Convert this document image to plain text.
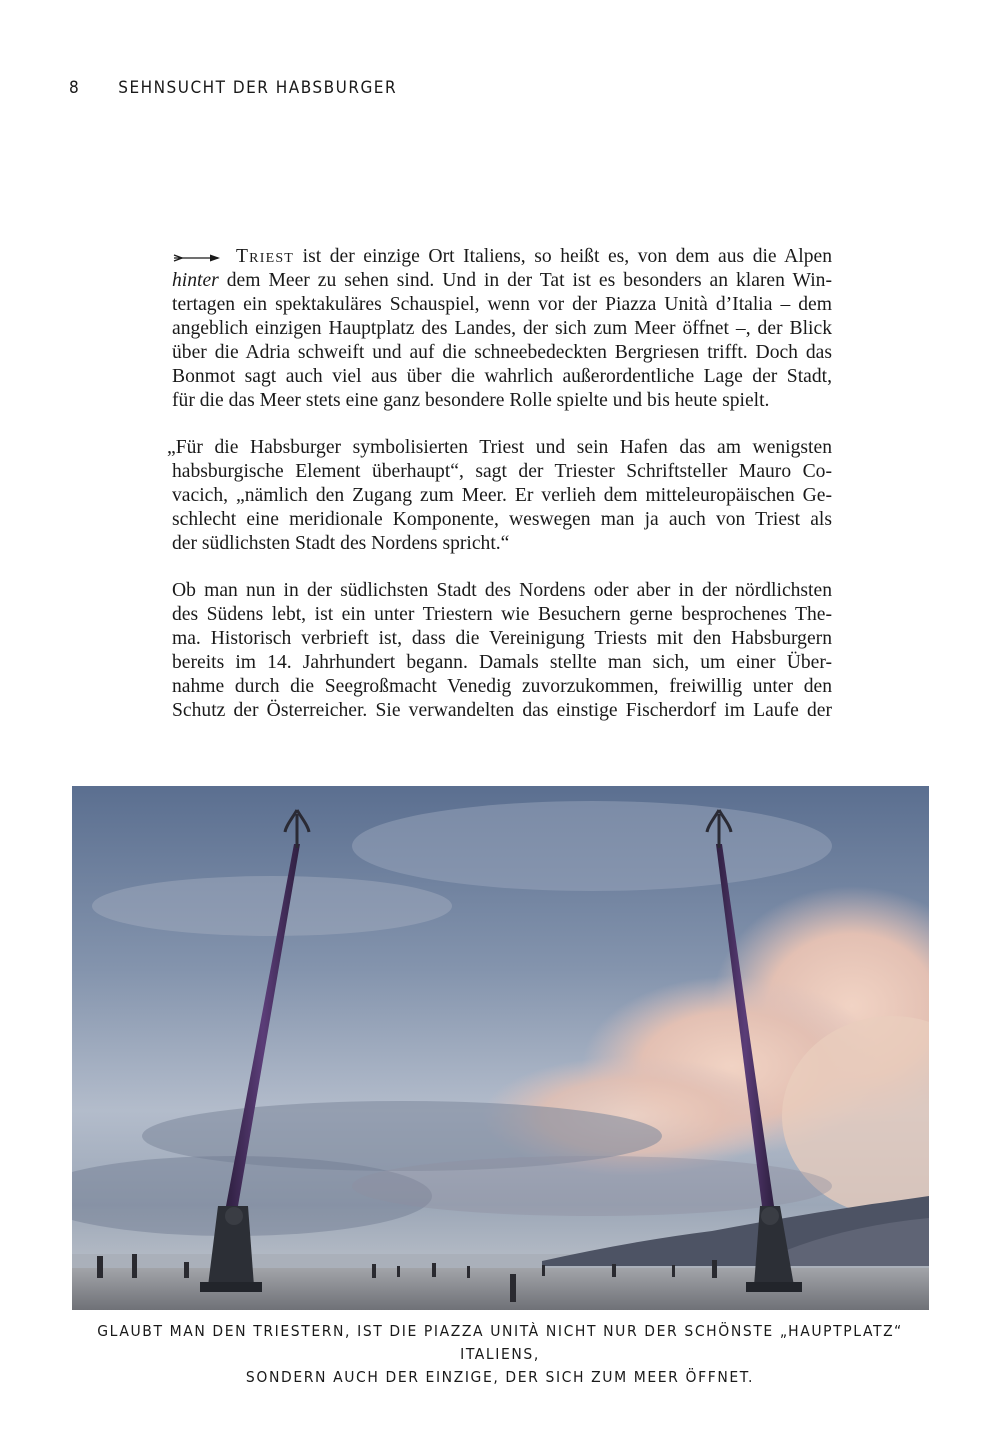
8 SEHNSUCHT DER HABSBURGER
Triest ist der einzige Ort Italiens, so heißt es, von dem aus die Alpen
hinter dem Meer zu sehen sind. Und in der Tat ist es besonders an klaren Win-
tertagen ein spektakuläres Schauspiel, wenn vor der Piazza Unità d’Italia – dem
angeblich einzigen Hauptplatz des Landes, der sich zum Meer öffnet –, der Blick
über die Adria schweift und auf die schneebedeckten Bergriesen trifft. Doch das
Bonmot sagt auch viel aus über die wahrlich außerordentliche Lage der Stadt,
für die das Meer stets eine ganz besondere Rolle spielte und bis heute spielt.
„Für die Habsburger symbolisierten Triest und sein Hafen das am wenigsten
habsburgische Element überhaupt“, sagt der Triester Schriftsteller Mauro Co-
vacich, „nämlich den Zugang zum Meer. Er verlieh dem mitteleuropäischen Ge-
schlecht eine meridionale Komponente, weswegen man ja auch von Triest als
der südlichsten Stadt des Nordens spricht.“
Ob man nun in der südlichsten Stadt des Nordens oder aber in der nördlichsten
des Südens lebt, ist ein unter Triestern wie Besuchern gerne besprochenes The-
ma. Historisch verbrieft ist, dass die Vereinigung Triests mit den Habsburgern
bereits im 14. Jahrhundert begann. Damals stellte man sich, um einer Über-
nahme durch die Seegroßmacht Venedig zuvorzukommen, freiwillig unter den
Schutz der Österreicher. Sie verwandelten das einstige Fischerdorf im Laufe der
GLAUBT MAN DEN TRIESTERN, IST DIE PIAZZA UNITÀ NICHT NUR DER SCHÖNSTE „HAUPTPLATZ“ ITALIENS,
SONDERN AUCH DER EINZIGE, DER SICH ZUM MEER ÖFFNET.
